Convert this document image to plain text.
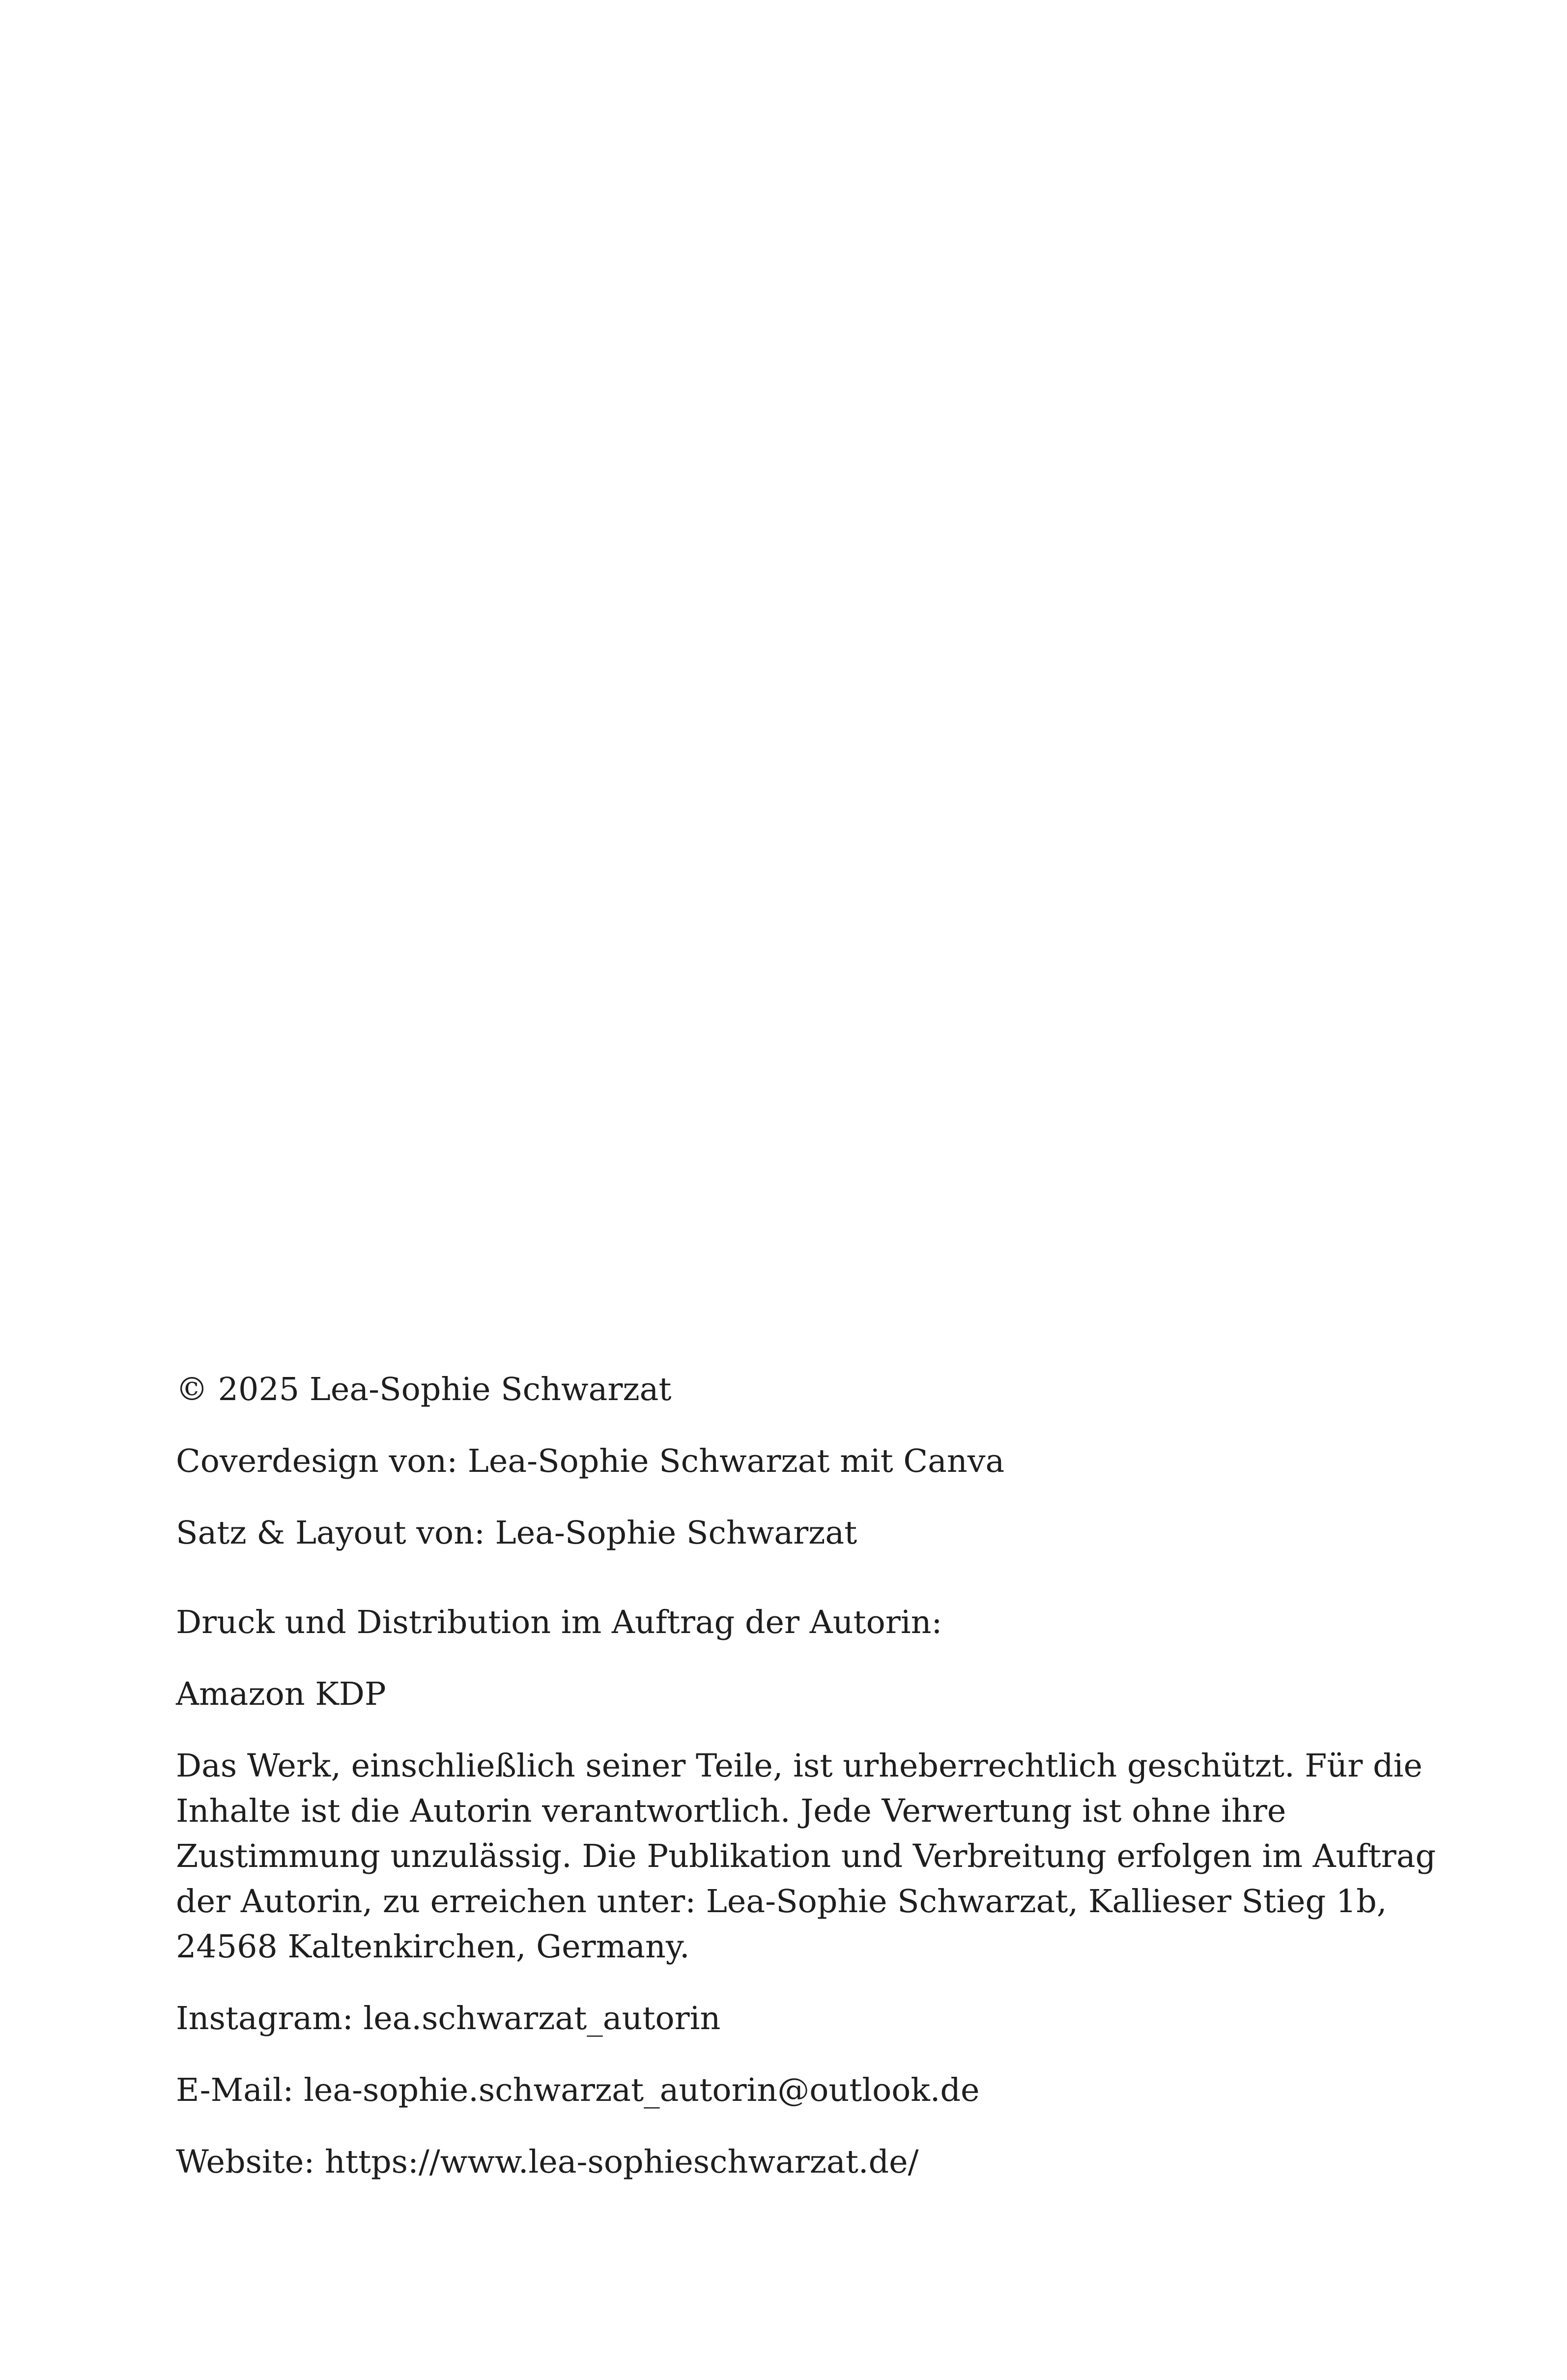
© 2025 Lea-Sophie Schwarzat

Coverdesign von: Lea-Sophie Schwarzat mit Canva

Satz & Layout von: Lea-Sophie Schwarzat

Druck und Distribution im Auftrag der Autorin:

Amazon KDP

Das Werk, einschließlich seiner Teile, ist urheberrechtlich geschützt. Für die
Inhalte ist die Autorin verantwortlich. Jede Verwertung ist ohne ihre
Zustimmung unzulässig. Die Publikation und Verbreitung erfolgen im Auftrag
der Autorin, zu erreichen unter: Lea-Sophie Schwarzat, Kallieser Stieg 1b,
24568 Kaltenkirchen, Germany.

Instagram: lea.schwarzat_autorin

E-Mail: lea-sophie.schwarzat_autorin@outlook.de

Website: https://www.lea-sophieschwarzat.de/
